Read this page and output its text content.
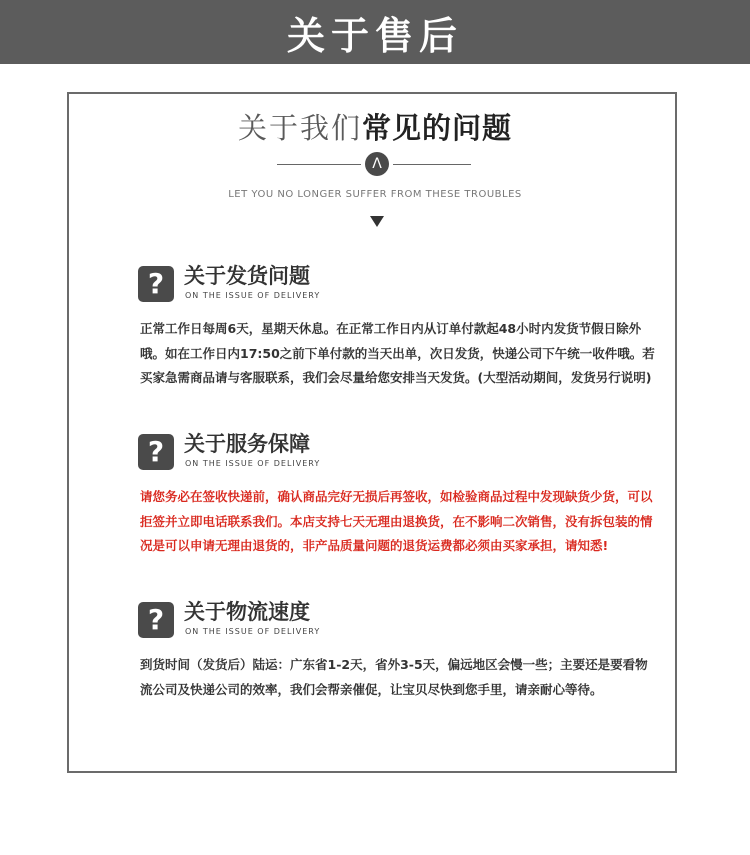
关于售后
关于我们常见的问题
Λ
LET YOU NO LONGER SUFFER FROM THESE TROUBLES
? 关于发货问题
ON THE ISSUE OF DELIVERY
正常工作日每周6天，星期天休息。在正常工作日内从订单付款起48小时内发货节假日除外哦。如在工作日内17:50之前下单付款的当天出单，次日发货，快递公司下午统一收件哦。若买家急需商品请与客服联系，我们会尽量给您安排当天发货。(大型活动期间，发货另行说明)
? 关于服务保障
ON THE ISSUE OF DELIVERY
请您务必在签收快递前，确认商品完好无损后再签收，如检验商品过程中发现缺货少货，可以拒签并立即电话联系我们。本店支持七天无理由退换货，在不影响二次销售，没有拆包装的情况是可以申请无理由退货的，非产品质量问题的退货运费都必须由买家承担，请知悉!
? 关于物流速度
ON THE ISSUE OF DELIVERY
到货时间（发货后）陆运：广东省1-2天，省外3-5天，偏远地区会慢一些；主要还是要看物流公司及快递公司的效率，我们会帮亲催促，让宝贝尽快到您手里，请亲耐心等待。
